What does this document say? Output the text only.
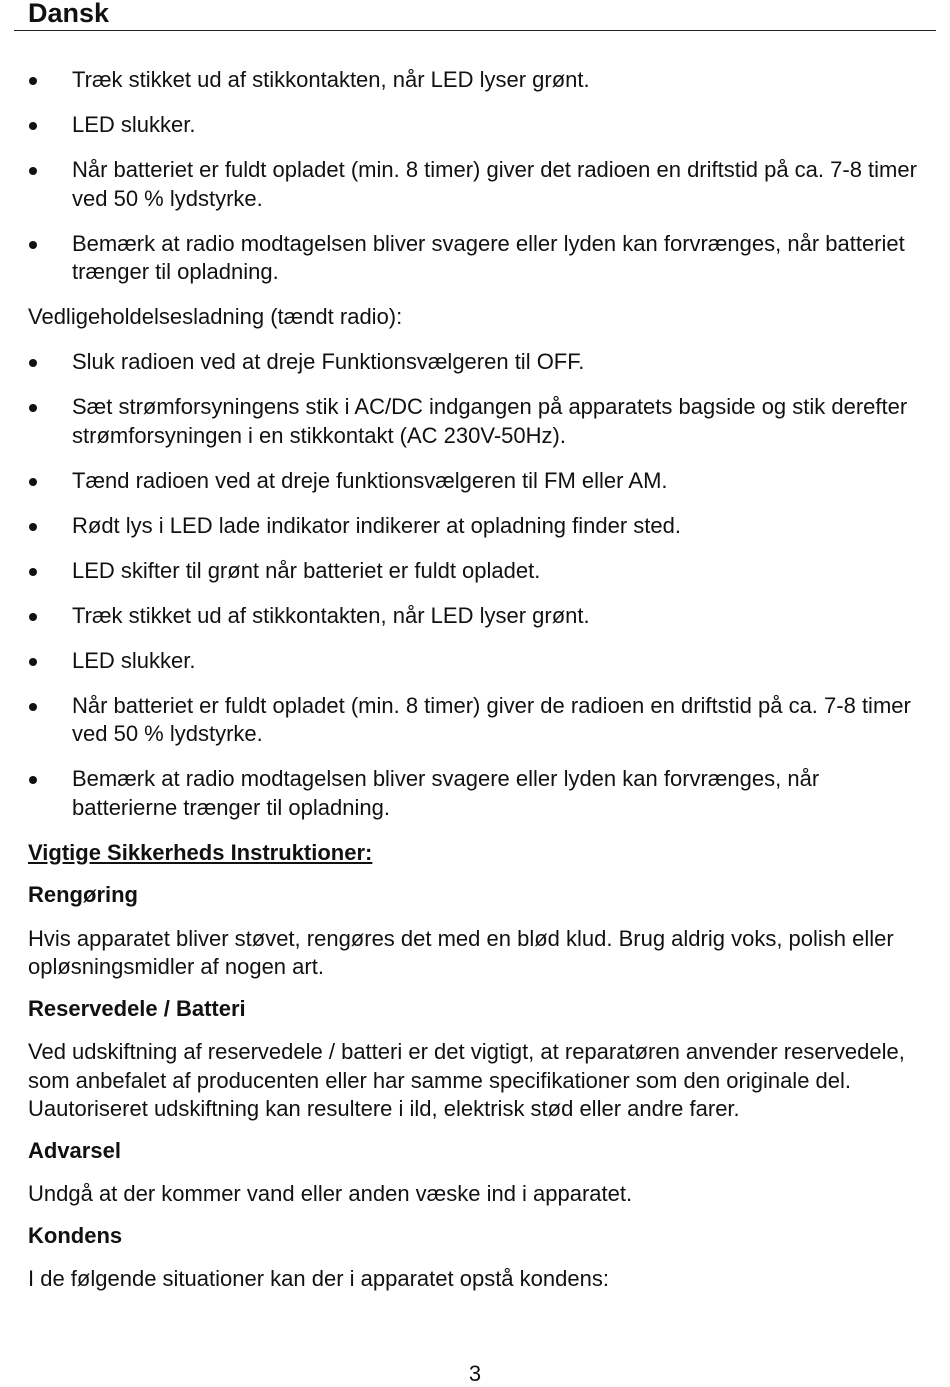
Dansk
Træk stikket ud af stikkontakten, når LED lyser grønt.
LED slukker.
Når batteriet er fuldt opladet (min. 8 timer) giver det radioen en driftstid på ca. 7-8 timer ved 50 % lydstyrke.
Bemærk at radio modtagelsen bliver svagere eller lyden kan forvrænges, når batteriet trænger til opladning.

Vedligeholdelsesladning (tændt radio):

Sluk radioen ved at dreje Funktionsvælgeren til OFF.
Sæt strømforsyningens stik i AC/DC indgangen på apparatets bagside og stik derefter strømforsyningen i en stikkontakt (AC 230V-50Hz).
Tænd radioen ved at dreje funktionsvælgeren til FM eller AM.
Rødt lys i LED lade indikator indikerer at opladning finder sted.
LED skifter til grønt når batteriet er fuldt opladet.
Træk stikket ud af stikkontakten, når LED lyser grønt.
LED slukker.
Når batteriet er fuldt opladet (min. 8 timer) giver de radioen en driftstid på ca. 7-8 timer ved 50 % lydstyrke.
Bemærk at radio modtagelsen bliver svagere eller lyden kan forvrænges, når batterierne trænger til opladning.

Vigtige Sikkerheds Instruktioner:

Rengøring

Hvis apparatet bliver støvet, rengøres det med en blød klud. Brug aldrig voks, polish eller opløsningsmidler af nogen art.

Reservedele / Batteri

Ved udskiftning af reservedele / batteri er det vigtigt, at reparatøren anvender reservedele, som anbefalet af producenten eller har samme specifikationer som den originale del. Uautoriseret udskiftning kan resultere i ild, elektrisk stød eller andre farer.

Advarsel

Undgå at der kommer vand eller anden væske ind i apparatet.

Kondens

I de følgende situationer kan der i apparatet opstå kondens:

3
